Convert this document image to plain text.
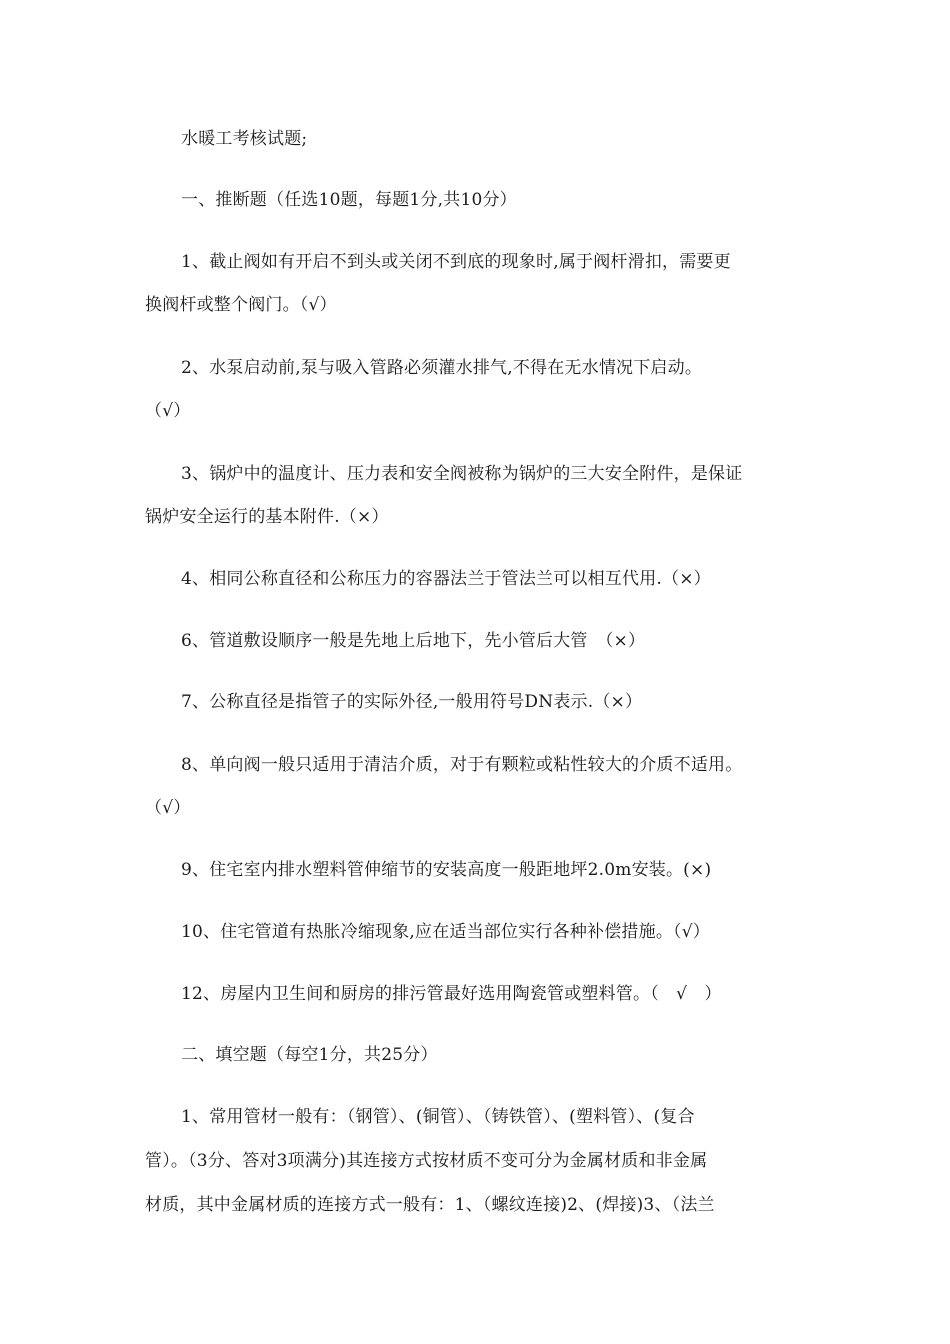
水暖工考核试题;
一、推断题（任选10题，每题1分,共10分）
1、截止阀如有开启不到头或关闭不到底的现象时,属于阀杆滑扣，需要更
换阀杆或整个阀门。（√）
2、水泵启动前,泵与吸入管路必须灌水排气,不得在无水情况下启动。
（√）
3、锅炉中的温度计、压力表和安全阀被称为锅炉的三大安全附件，是保证
锅炉安全运行的基本附件.（×）
4、相同公称直径和公称压力的容器法兰于管法兰可以相互代用.（×）
6、管道敷设顺序一般是先地上后地下，先小管后大管　（×）
7、公称直径是指管子的实际外径,一般用符号DN表示.（×）
8、单向阀一般只适用于清洁介质，对于有颗粒或粘性较大的介质不适用。
（√）
9、住宅室内排水塑料管伸缩节的安装高度一般距地坪2.0m安装。(×)
10、住宅管道有热胀冷缩现象,应在适当部位实行各种补偿措施。（√）
12、房屋内卫生间和厨房的排污管最好选用陶瓷管或塑料管。（　√　）
二、填空题（每空1分，共25分）
1、常用管材一般有：（钢管）、(铜管）、（铸铁管）、(塑料管）、(复合
管）。（3分、答对3项满分)其连接方式按材质不变可分为金属材质和非金属
材质，其中金属材质的连接方式一般有：1、（螺纹连接)2、(焊接)3、（法兰
